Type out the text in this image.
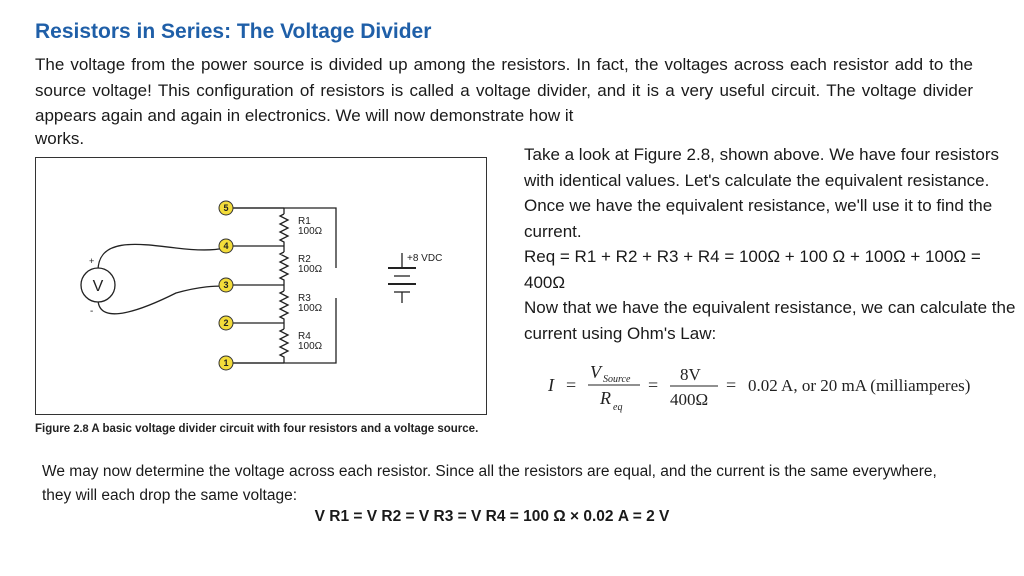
Resistors in Series: The Voltage Divider
The voltage from the power source is divided up among the resistors. In fact, the voltages across each resistor add to the source voltage! This configuration of resistors is called a voltage divider, and it is a very useful circuit. The voltage divider appears again and again in electronics. We will now demonstrate how it
works.
5
4
3
2
1
R1
100Ω
R2
100Ω
R3
100Ω
R4
100Ω
+8 VDC
V
+
-
Figure 2.8 A basic voltage divider circuit with four resistors and a voltage source.

Take a look at Figure 2.8, shown above. We have four resistors with identical values. Let's calculate the equivalent resistance. Once we have the equivalent resistance, we'll use it to find the current.

Req = R1 + R2 + R3 + R4 = 100Ω + 100 Ω + 100Ω + 100Ω = 400Ω

Now that we have the equivalent resistance, we can calculate the current using Ohm's Law:

I =
V Source
R eq
=
8V
400Ω
= 0.02 A, or 20 mA (milliamperes)
We may now determine the voltage across each resistor. Since all the resistors are equal, and the current is the same everywhere, they will each drop the same voltage:
V R1 = V R2 = V R3 = V R4 = 100 Ω × 0.02 A = 2 V
